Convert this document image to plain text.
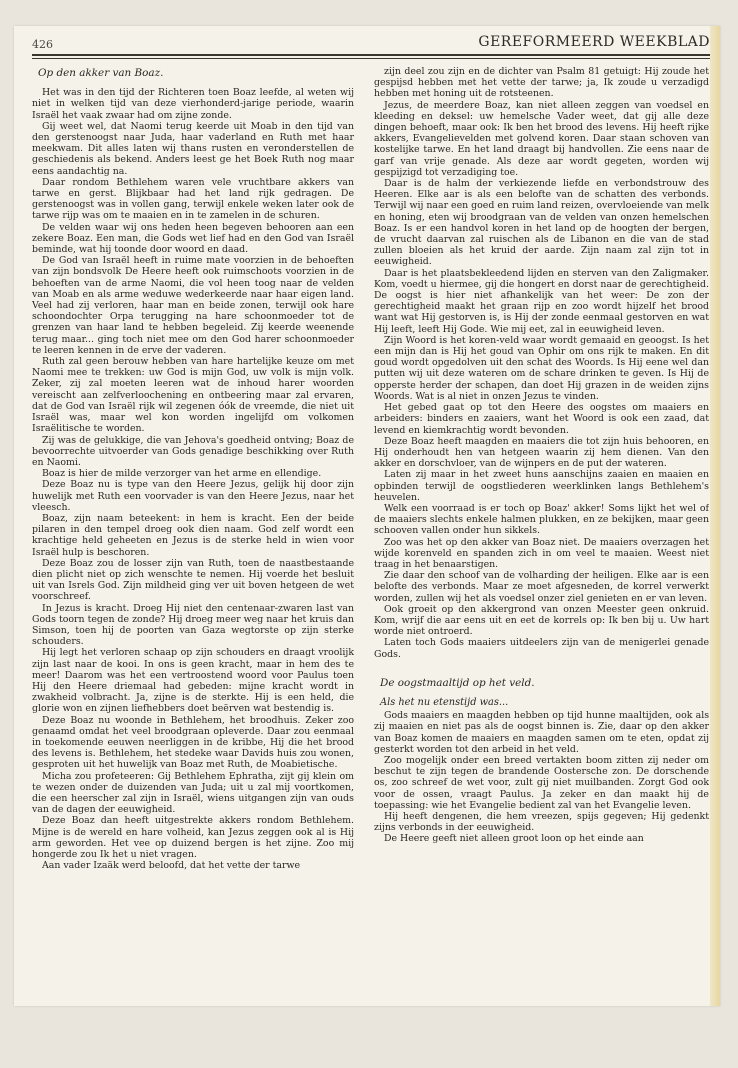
426	GEREFORMEERD WEEKBLAD
Op den akker van Boaz.

Het was in den tijd der Richteren toen Boaz leefde, al weten wij niet in welken tijd van deze vierhonderd-jarige periode, waarin Israël het vaak zwaar had om zijne zonde.

Gij weet wel, dat Naomi terug keerde uit Moab in den tijd van den gerstenoogst naar Juda, haar vaderland en Ruth met haar meekwam. Dit alles laten wij thans rusten en veronderstellen de geschiedenis als bekend. Anders leest ge het Boek Ruth nog maar eens aandachtig na.

Daar rondom Bethlehem waren vele vruchtbare akkers van tarwe en gerst. Blijkbaar had het land rijk gedragen. De gerstenoogst was in vollen gang, terwijl enkele weken later ook de tarwe rijp was om te maaien en in te zamelen in de schuren.

De velden waar wij ons heden heen begeven behooren aan een zekere Boaz. Een man, die Gods wet lief had en den God van Israël beminde, wat hij toonde door woord en daad.

De God van Israël heeft in ruime mate voorzien in de behoeften van zijn bondsvolk De Heere heeft ook ruimschoots voorzien in de behoeften van de arme Naomi, die vol heen toog naar de velden van Moab en als arme weduwe wederkeerde naar haar eigen land. Veel had zij verloren, haar man en beide zonen, terwijl ook hare schoondochter Orpa terugging na hare schoonmoeder tot de grenzen van haar land te hebben begeleid. Zij keerde weenende terug maar... ging toch niet mee om den God harer schoonmoeder te leeren kennen in de erve der vaderen.

Ruth zal geen berouw hebben van hare hartelijke keuze om met Naomi mee te trekken: uw God is mijn God, uw volk is mijn volk. Zeker, zij zal moeten leeren wat de inhoud harer woorden vereischt aan zelfverloochening en ontbeering maar zal ervaren, dat de God van Israël rijk wil zegenen óók de vreemde, die niet uit Israël was, maar wel kon worden ingelijfd om volkomen Israëlitische te worden.

Zij was de gelukkige, die van Jehova's goedheid ontving; Boaz de bevoorrechte uitvoerder van Gods genadige beschikking over Ruth en Naomi.

Boaz is hier de milde verzorger van het arme en ellendige.

Deze Boaz nu is type van den Heere Jezus, gelijk hij door zijn huwelijk met Ruth een voorvader is van den Heere Jezus, naar het vleesch.

Boaz, zijn naam beteekent: in hem is kracht. Een der beide pilaren in den tempel droeg ook dien naam. God zelf wordt een krachtige held geheeten en Jezus is de sterke held in wien voor Israël hulp is beschoren.

Deze Boaz zou de losser zijn van Ruth, toen de naastbestaande dien plicht niet op zich wenschte te nemen. Hij voerde het besluit uit van Isrels God. Zijn mildheid ging ver uit boven hetgeen de wet voorschreef.

In Jezus is kracht. Droeg Hij niet den centenaar-zwaren last van Gods toorn tegen de zonde? Hij droeg meer weg naar het kruis dan Simson, toen hij de poorten van Gaza wegtorste op zijn sterke schouders.

Hij legt het verloren schaap op zijn schouders en draagt vroolijk zijn last naar de kooi. In ons is geen kracht, maar in hem des te meer! Daarom was het een vertroostend woord voor Paulus toen Hij den Heere driemaal had gebeden: mijne kracht wordt in zwakheid volbracht. Ja, zijne is de sterkte. Hij is een held, die glorie won en zijnen liefhebbers doet beërven wat bestendig is.

Deze Boaz nu woonde in Bethlehem, het broodhuis. Zeker zoo genaamd omdat het veel broodgraan opleverde. Daar zou eenmaal in toekomende eeuwen neerliggen in de kribbe, Hij die het brood des levens is. Bethlehem, het stedeke waar Davids huis zou wonen, gesproten uit het huwelijk van Boaz met Ruth, de Moabietische.

Micha zou profeteeren: Gij Bethlehem Ephratha, zijt gij klein om te wezen onder de duizenden van Juda; uit u zal mij voortkomen, die een heerscher zal zijn in Israël, wiens uitgangen zijn van ouds van de dagen der eeuwigheid.

Deze Boaz dan heeft uitgestrekte akkers rondom Bethlehem. Mijne is de wereld en hare volheid, kan Jezus zeggen ook al is Hij arm geworden. Het vee op duizend bergen is het zijne. Zoo mij hongerde zou Ik het u niet vragen.

Aan vader Izaäk werd beloofd, dat het vette der tarwe

zijn deel zou zijn en de dichter van Psalm 81 getuigt: Hij zoude het gespijsd hebben met het vette der tarwe; ja, Ik zoude u verzadigd hebben met honing uit de rotsteenen.

Jezus, de meerdere Boaz, kan niet alleen zeggen van voedsel en kleeding en deksel: uw hemelsche Vader weet, dat gij alle deze dingen behoeft, maar ook: Ik ben het brood des levens. Hij heeft rijke akkers, Evangelievelden met golvend koren. Daar staan schoven van kostelijke tarwe. En het land draagt bij handvollen. Zie eens naar de garf van vrije genade. Als deze aar wordt gegeten, worden wij gespijzigd tot verzadiging toe.

Daar is de halm der verkiezende liefde en verbondstrouw des Heeren. Elke aar is als een belofte van de schatten des verbonds. Terwijl wij naar een goed en ruim land reizen, overvloeiende van melk en honing, eten wij broodgraan van de velden van onzen hemelschen Boaz. Is er een handvol koren in het land op de hoogten der bergen, de vrucht daarvan zal ruischen als de Libanon en die van de stad zullen bloeien als het kruid der aarde. Zijn naam zal zijn tot in eeuwigheid.

Daar is het plaatsbekleedend lijden en sterven van den Zaligmaker. Kom, voedt u hiermee, gij die hongert en dorst naar de gerechtigheid. De oogst is hier niet afhankelijk van het weer: De zon der gerechtigheid maakt het graan rijp en zoo wordt hijzelf het brood want wat Hij gestorven is, is Hij der zonde eenmaal gestorven en wat Hij leeft, leeft Hij Gode. Wie mij eet, zal in eeuwigheid leven.

Zijn Woord is het koren-veld waar wordt gemaaid en geoogst. Is het een mijn dan is Hij het goud van Ophir om ons rijk te maken. En dit goud wordt opgedolven uit den schat des Woords. Is Hij eene wel dan putten wij uit deze wateren om de schare drinken te geven. Is Hij de opperste herder der schapen, dan doet Hij grazen in de weiden zijns Woords. Wat is al niet in onzen Jezus te vinden.

Het gebed gaat op tot den Heere des oogstes om maaiers en arbeiders: binders en zaaiers, want het Woord is ook een zaad, dat levend en kiemkrachtig wordt bevonden.

Deze Boaz heeft maagden en maaiers die tot zijn huis behooren, en Hij onderhoudt hen van hetgeen waarin zij hem dienen. Van den akker en dorschvloer, van de wijnpers en de put der wateren.

Laten zij maar in het zweet huns aanschijns zaaien en maaien en opbinden terwijl de oogstliederen weerklinken langs Bethlehem's heuvelen.

Welk een voorraad is er toch op Boaz' akker! Soms lijkt het wel of de maaiers slechts enkele halmen plukken, en ze bekijken, maar geen schooven vallen onder hun sikkels.

Zoo was het op den akker van Boaz niet. De maaiers overzagen het wijde korenveld en spanden zich in om veel te maaien. Weest niet traag in het benaarstigen.

Zie daar den schoof van de volharding der heiligen. Elke aar is een belofte des verbonds. Maar ze moet afgesneden, de korrel verwerkt worden, zullen wij het als voedsel onzer ziel genieten en er van leven.

Ook groeit op den akkergrond van onzen Meester geen onkruid. Kom, wrijf die aar eens uit en eet de korrels op: Ik ben bij u. Uw hart worde niet ontroerd.

Laten toch Gods maaiers uitdeelers zijn van de menigerlei genade Gods.

De oogstmaaltijd op het veld.
Als het nu etenstijd was...

Gods maaiers en maagden hebben op tijd hunne maaltijden, ook als zij maaien en niet pas als de oogst binnen is. Zie, daar op den akker van Boaz komen de maaiers en maagden samen om te eten, opdat zij gesterkt worden tot den arbeid in het veld.

Zoo mogelijk onder een breed vertakten boom zitten zij neder om beschut te zijn tegen de brandende Oostersche zon. De dorschende os, zoo schreef de wet voor, zult gij niet muilbanden. Zorgt God ook voor de ossen, vraagt Paulus. Ja zeker en dan maakt hij de toepassing: wie het Evangelie bedient zal van het Evangelie leven.

Hij heeft dengenen, die hem vreezen, spijs gegeven; Hij gedenkt zijns verbonds in der eeuwigheid.

De Heere geeft niet alleen groot loon op het einde aan
